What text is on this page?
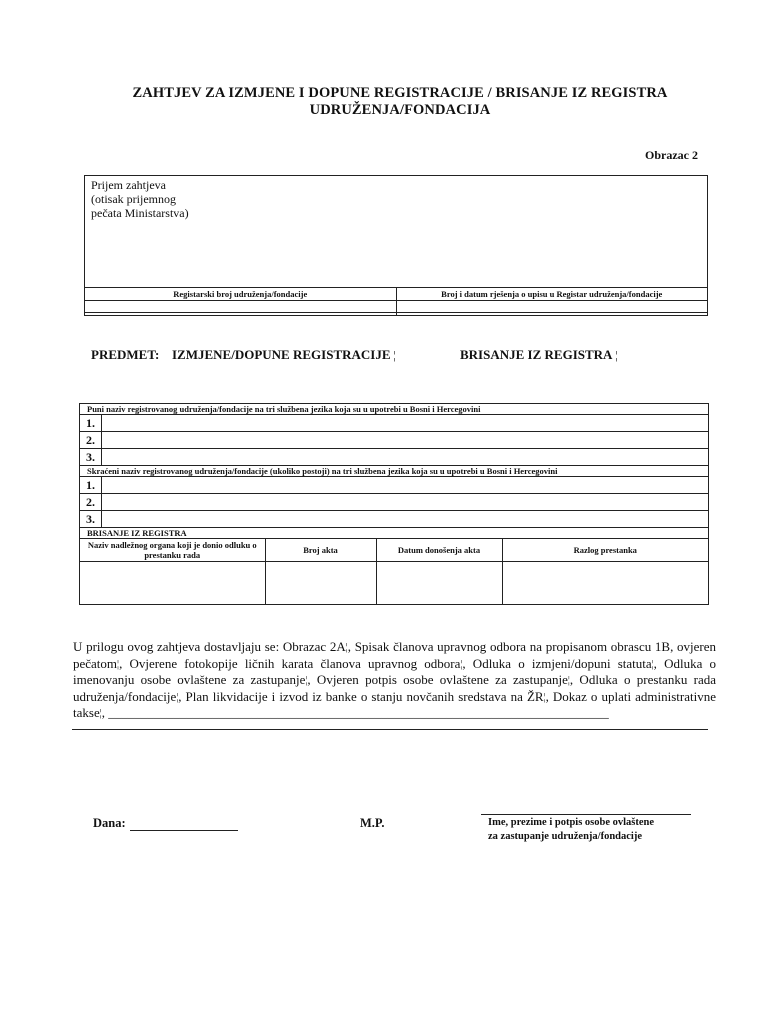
ZAHTJEV ZA IZMJENE I DOPUNE REGISTRACIJE / BRISANJE IZ REGISTRA
UDRUŽENJA/FONDACIJA
Obrazac 2
Prijem zahtjeva
(otisak prijemnog
pečata Ministarstva)
Registarski broj udruženja/fondacije	Broj i datum rješenja o upisu u Registar udruženja/fondacije

PREDMET: IZMJENE/DOPUNE REGISTRACIJE ¦	BRISANJE IZ REGISTRA ¦
Puni naziv registrovanog udruženja/fondacije na tri službena jezika koja su u upotrebi u Bosni i Hercegovini
1.
2.
3.
Skraćeni naziv registrovanog udruženja/fondacije (ukoliko postoji) na tri službena jezika koja su u upotrebi u Bosni i Hercegovini
1.
2.
3.
BRISANJE IZ REGISTRA
Naziv nadležnog organa koji je donio odluku o prestanku rada	Broj akta	Datum donošenja akta	Razlog prestanka

U prilogu ovog zahtjeva dostavljaju se: Obrazac 2A¦, Spisak članova upravnog odbora na propisanom obrascu 1B, ovjeren pečatom¦, Ovjerene fotokopije ličnih karata članova upravnog odbora¦, Odluka o izmjeni/dopuni statuta¦, Odluka o imenovanju osobe ovlaštene za zastupanje¦, Ovjeren potpis osobe ovlaštene za zastupanje¦, Odluka o prestanku rada udruženja/fondacije¦, Plan likvidacije i izvod iz banke o stanju novčanih sredstava na ŽR¦, Dokaz o uplati administrativne takse¦, _____________________________________________________________________________
Dana:	M.P.	Ime, prezime i potpis osobe ovlaštene
za zastupanje udruženja/fondacije
